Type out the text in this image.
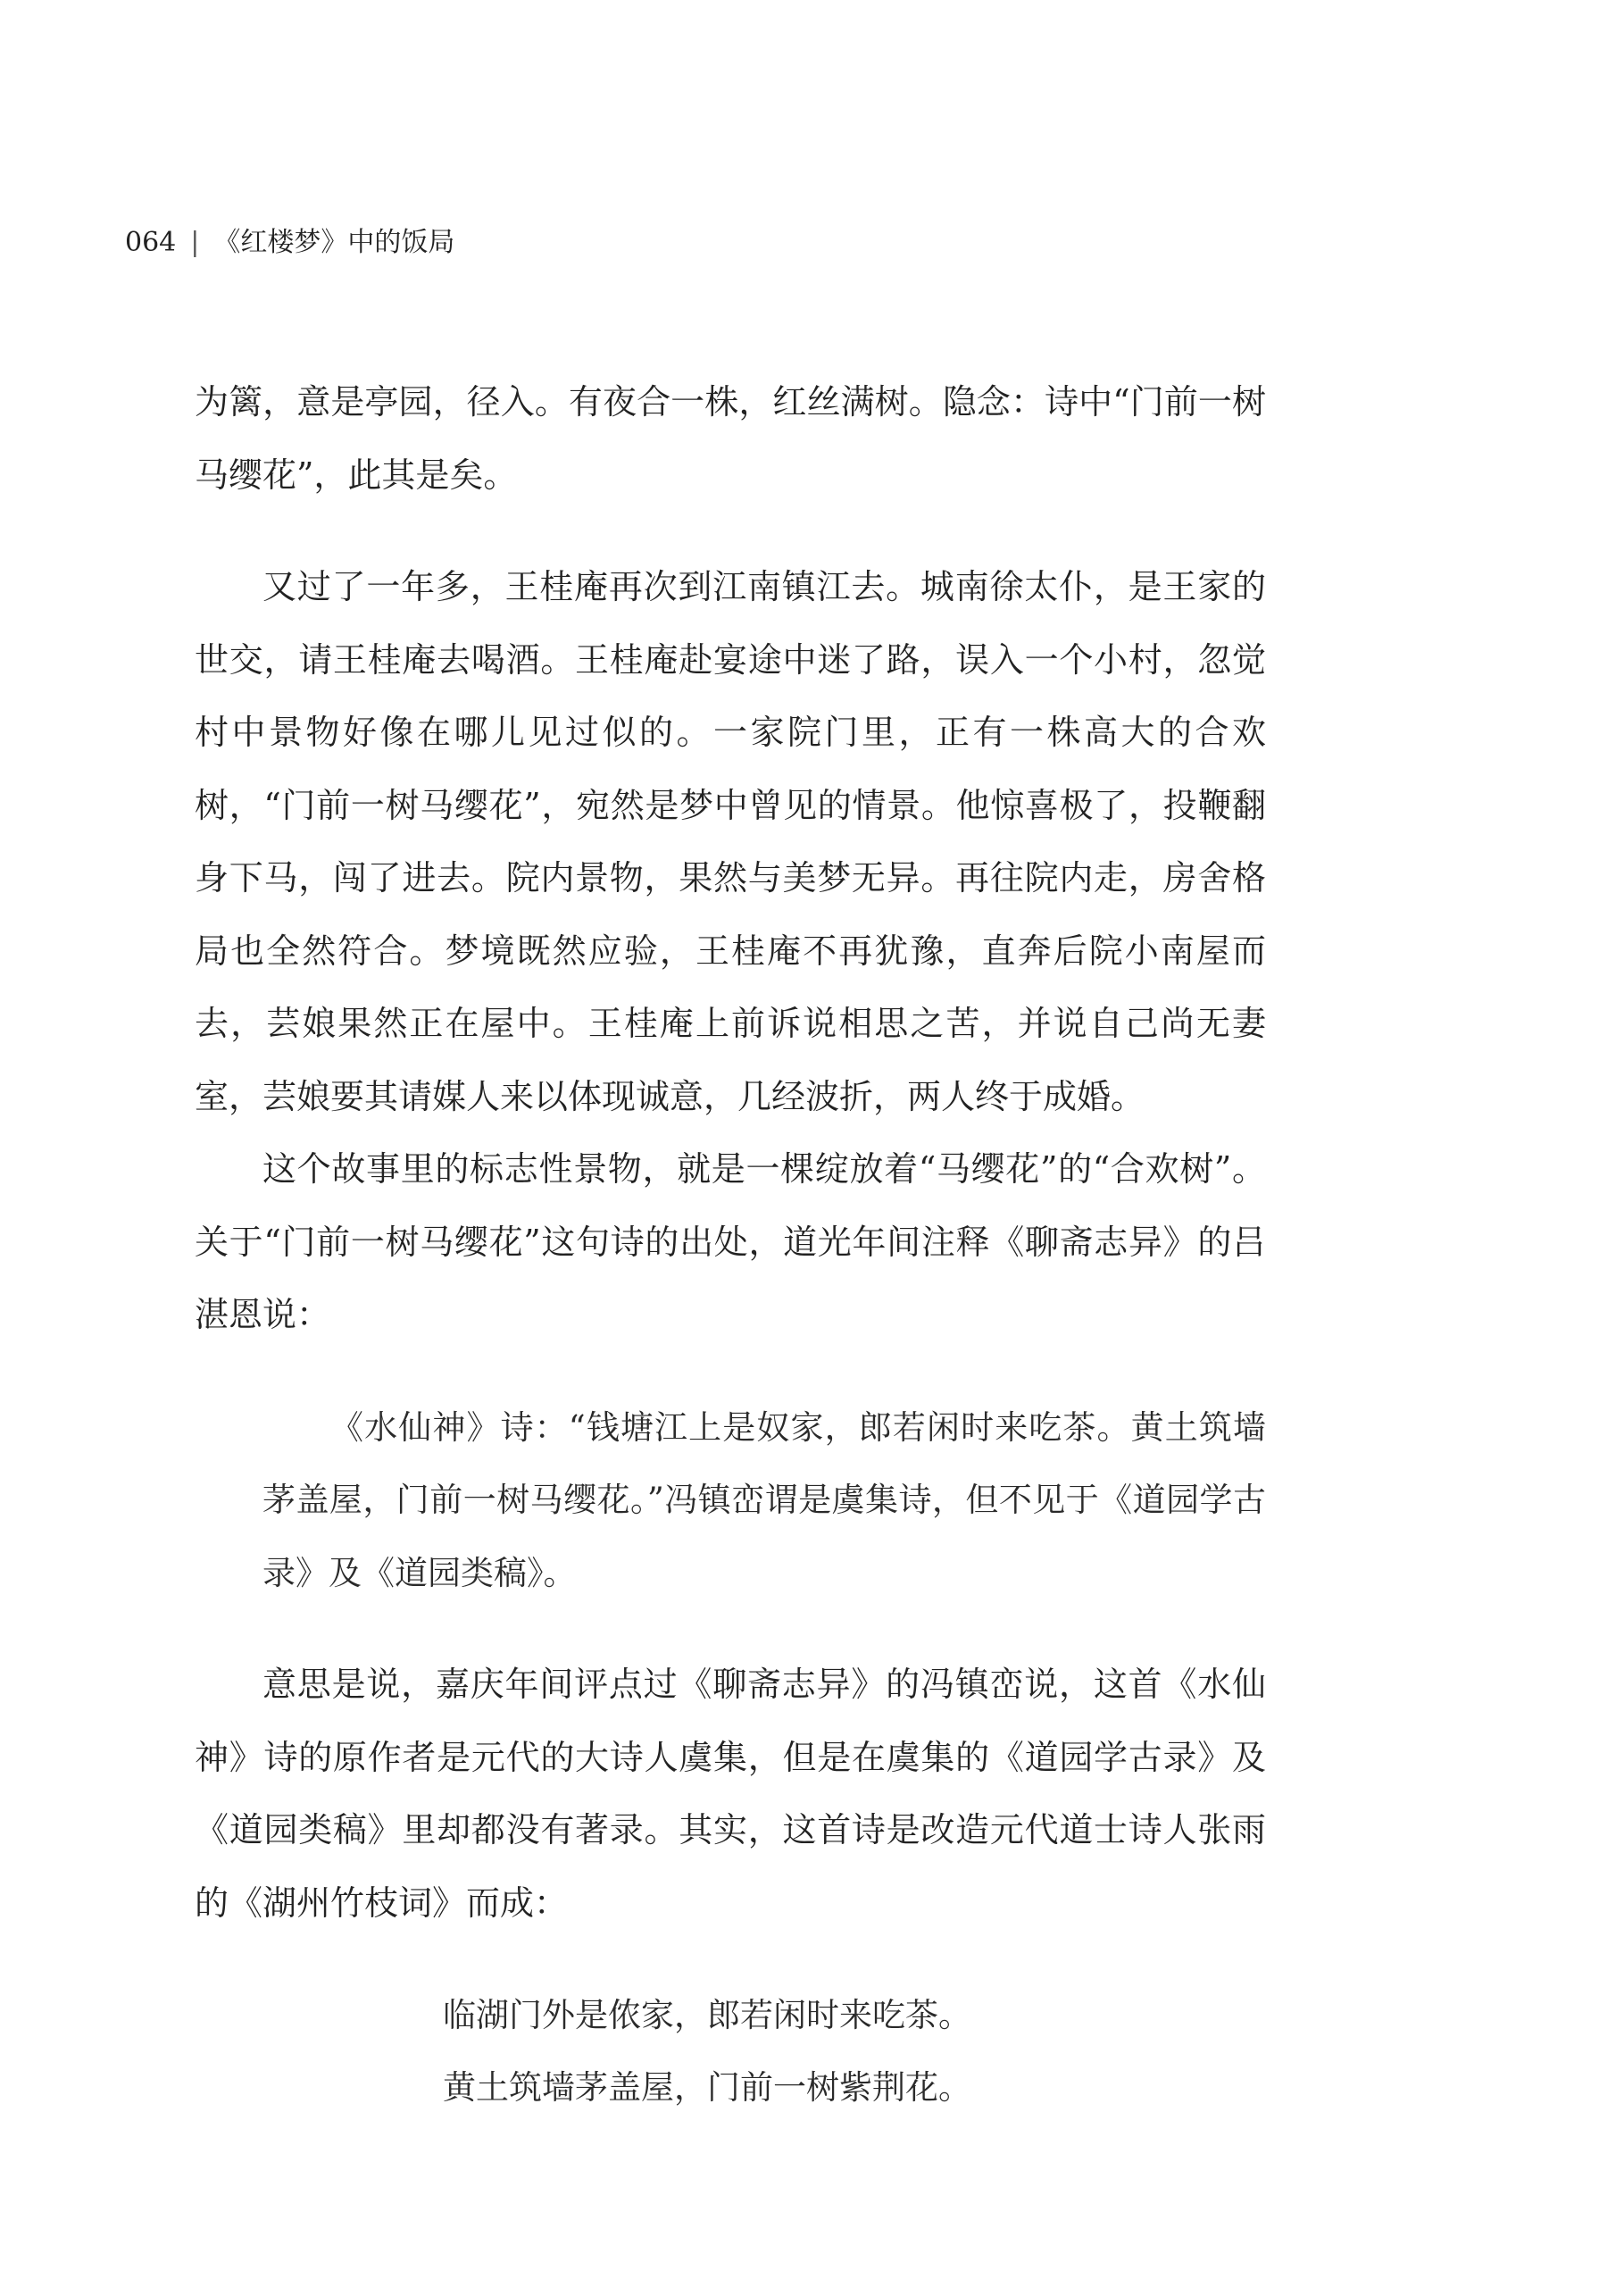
064 | 《红楼梦》中的饭局

为篱，意是亭园，径入。有夜合一株，红丝满树。隐念：诗中“门前一树马缨花”，此其是矣。

又过了一年多，王桂庵再次到江南镇江去。城南徐太仆，是王家的世交，请王桂庵去喝酒。王桂庵赴宴途中迷了路，误入一个小村，忽觉村中景物好像在哪儿见过似的。一家院门里，正有一株高大的合欢树，“门前一树马缨花”，宛然是梦中曾见的情景。他惊喜极了，投鞭翻身下马，闯了进去。院内景物，果然与美梦无异。再往院内走，房舍格局也全然符合。梦境既然应验，王桂庵不再犹豫，直奔后院小南屋而去，芸娘果然正在屋中。王桂庵上前诉说相思之苦，并说自己尚无妻室，芸娘要其请媒人来以体现诚意，几经波折，两人终于成婚。

这个故事里的标志性景物，就是一棵绽放着“马缨花”的“合欢树”。关于“门前一树马缨花”这句诗的出处，道光年间注释《聊斋志异》的吕湛恩说：

《水仙神》诗：“钱塘江上是奴家，郎若闲时来吃茶。黄土筑墙茅盖屋，门前一树马缨花。”冯镇峦谓是虞集诗，但不见于《道园学古录》及《道园类稿》。

意思是说，嘉庆年间评点过《聊斋志异》的冯镇峦说，这首《水仙神》诗的原作者是元代的大诗人虞集，但是在虞集的《道园学古录》及《道园类稿》里却都没有著录。其实，这首诗是改造元代道士诗人张雨的《湖州竹枝词》而成：

临湖门外是侬家，郎若闲时来吃茶。
黄土筑墙茅盖屋，门前一树紫荆花。
